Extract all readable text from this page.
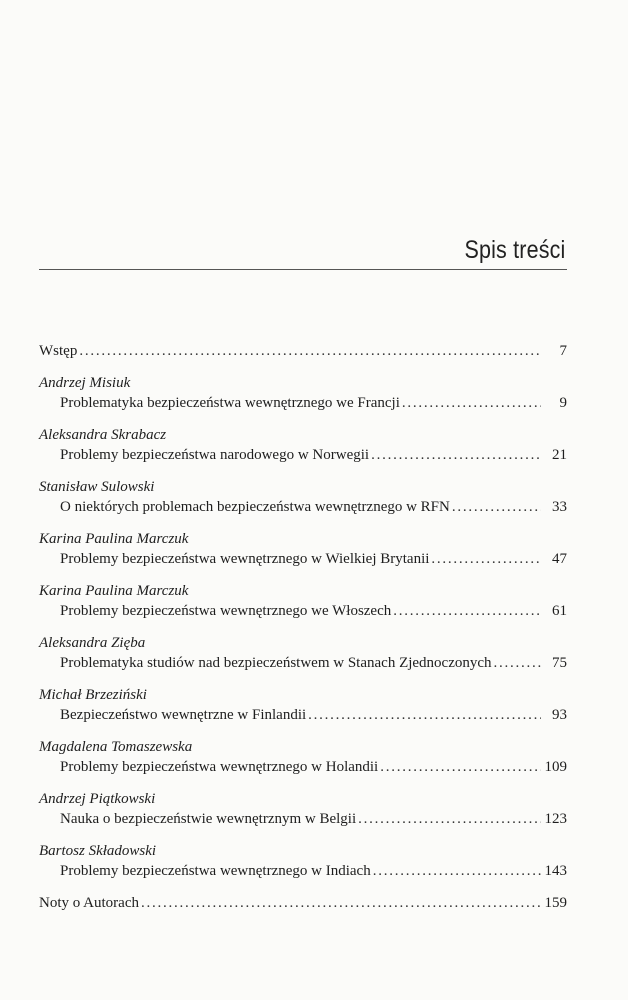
Spis treści
Wstęp . . .	7
Andrzej Misiuk
Problematyka bezpieczeństwa wewnętrznego we Francji . . .	9
Aleksandra Skrabacz
Problemy bezpieczeństwa narodowego w Norwegii . . .	21
Stanisław Sulowski
O niektórych problemach bezpieczeństwa wewnętrznego w RFN . . .	33
Karina Paulina Marczuk
Problemy bezpieczeństwa wewnętrznego w Wielkiej Brytanii . . .	47
Karina Paulina Marczuk
Problemy bezpieczeństwa wewnętrznego we Włoszech . . .	61
Aleksandra Zięba
Problematyka studiów nad bezpieczeństwem w Stanach Zjednoczonych . . .	75
Michał Brzeziński
Bezpieczeństwo wewnętrzne w Finlandii . . .	93
Magdalena Tomaszewska
Problemy bezpieczeństwa wewnętrznego w Holandii . . .	109
Andrzej Piątkowski
Nauka o bezpieczeństwie wewnętrznym w Belgii . . .	123
Bartosz Składowski
Problemy bezpieczeństwa wewnętrznego w Indiach . . .	143
Noty o Autorach . . .	159
